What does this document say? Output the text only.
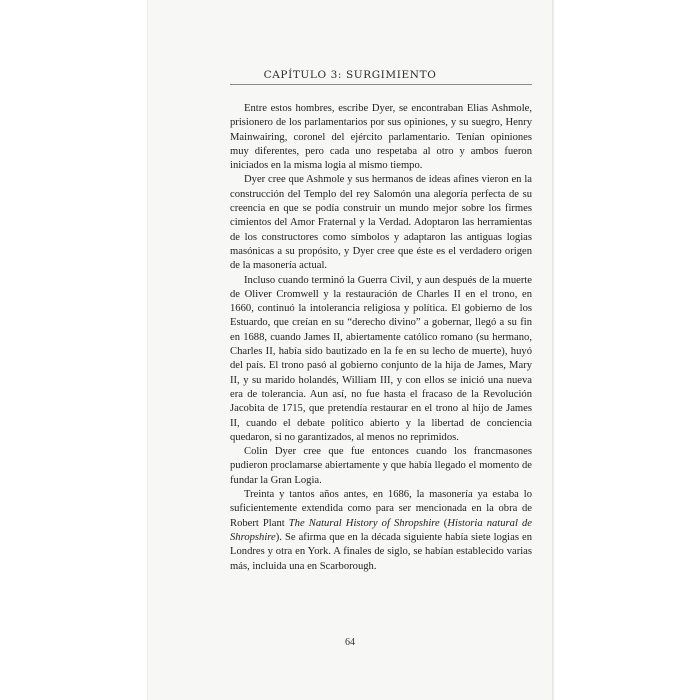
CAPÍTULO 3: SURGIMIENTO

Entre estos hombres, escribe Dyer, se encontraban Elias Ashmole, prisionero de los parlamentarios por sus opiniones, y su suegro, Henry Mainwairing, coronel del ejército parlamentario. Tenían opiniones muy diferentes, pero cada uno respetaba al otro y ambos fueron iniciados en la misma logia al mismo tiempo.

Dyer cree que Ashmole y sus hermanos de ideas afines vieron en la construcción del Templo del rey Salomón una alegoría perfecta de su creencia en que se podía construir un mundo mejor sobre los firmes cimientos del Amor Fraternal y la Verdad. Adoptaron las herramientas de los constructores como símbolos y adaptaron las antiguas logias masónicas a su propósito, y Dyer cree que éste es el verdadero origen de la masonería actual.

Incluso cuando terminó la Guerra Civil, y aun después de la muerte de Oliver Cromwell y la restauración de Charles II en el trono, en 1660, continuó la intolerancia religiosa y política. El gobierno de los Estuardo, que creían en su “derecho divino” a gobernar, llegó a su fin en 1688, cuando James II, abiertamente católico romano (su hermano, Charles II, había sido bautizado en la fe en su lecho de muerte), huyó del país. El trono pasó al gobierno conjunto de la hija de James, Mary II, y su marido holandés, William III, y con ellos se inició una nueva era de tolerancia. Aun así, no fue hasta el fracaso de la Revolución Jacobita de 1715, que pretendía restaurar en el trono al hijo de James II, cuando el debate político abierto y la libertad de conciencia quedaron, si no garantizados, al menos no reprimidos.

Colin Dyer cree que fue entonces cuando los francmasones pudieron proclamarse abiertamente y que había llegado el momento de fundar la Gran Logia.

Treinta y tantos años antes, en 1686, la masonería ya estaba lo suficientemente extendida como para ser mencionada en la obra de Robert Plant The Natural History of Shropshire (Historia natural de Shropshire). Se afirma que en la década siguiente había siete logias en Londres y otra en York. A finales de siglo, se habían establecido varias más, incluida una en Scarborough.

64
